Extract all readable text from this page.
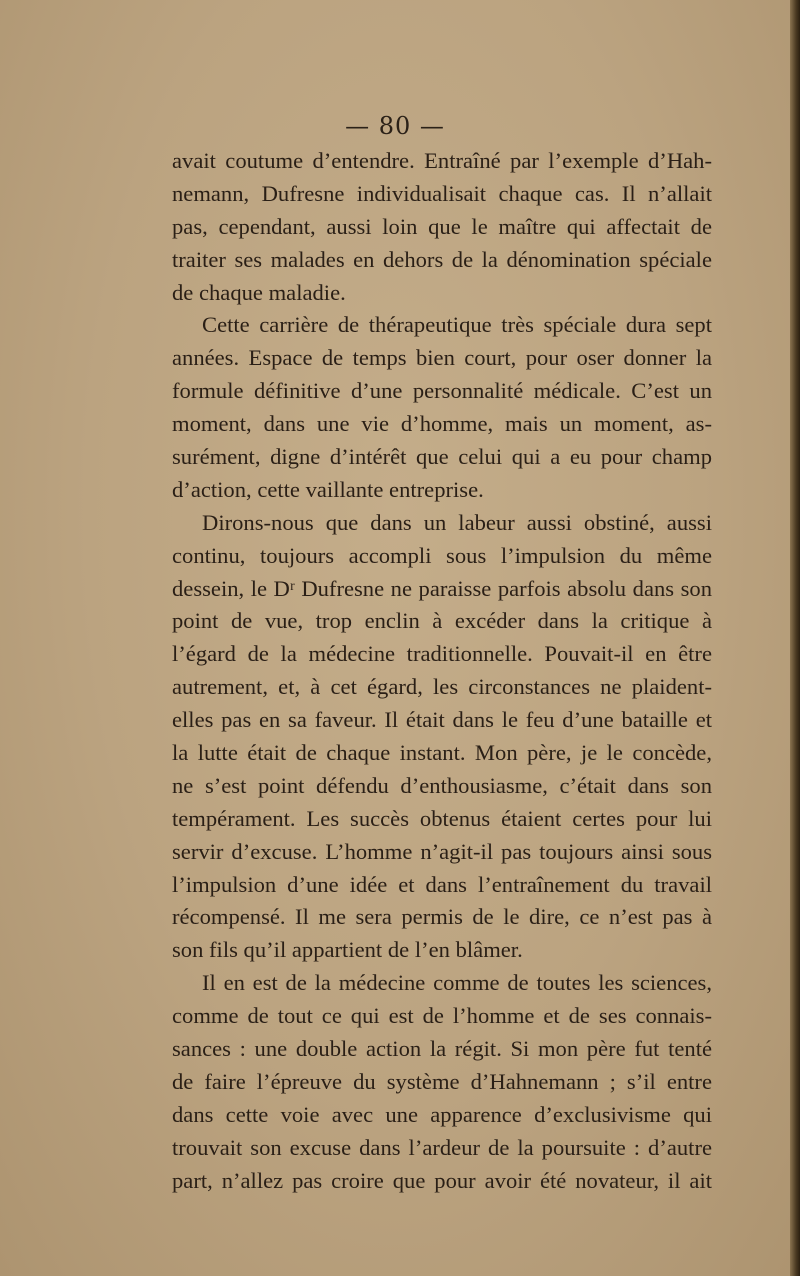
— 80 —
avait coutume d’entendre. Entraîné par l’exemple d’Hah-
nemann, Dufresne individualisait chaque cas. Il n’allait
pas, cependant, aussi loin que le maître qui affectait de
traiter ses malades en dehors de la dénomination spéciale
de chaque maladie.
Cette carrière de thérapeutique très spéciale dura sept
années. Espace de temps bien court, pour oser donner la
formule définitive d’une personnalité médicale. C’est un
moment, dans une vie d’homme, mais un moment, as-
surément, digne d’intérêt que celui qui a eu pour champ
d’action, cette vaillante entreprise.
Dirons-nous que dans un labeur aussi obstiné, aussi
continu, toujours accompli sous l’impulsion du même
dessein, le Dʳ Dufresne ne paraisse parfois absolu dans son
point de vue, trop enclin à excéder dans la critique à
l’égard de la médecine traditionnelle. Pouvait-il en être
autrement, et, à cet égard, les circonstances ne plaident-
elles pas en sa faveur. Il était dans le feu d’une bataille et
la lutte était de chaque instant. Mon père, je le concède,
ne s’est point défendu d’enthousiasme, c’était dans son
tempérament. Les succès obtenus étaient certes pour lui
servir d’excuse. L’homme n’agit-il pas toujours ainsi sous
l’impulsion d’une idée et dans l’entraînement du travail
récompensé. Il me sera permis de le dire, ce n’est pas à
son fils qu’il appartient de l’en blâmer.
Il en est de la médecine comme de toutes les sciences,
comme de tout ce qui est de l’homme et de ses connais-
sances : une double action la régit. Si mon père fut tenté
de faire l’épreuve du système d’Hahnemann ; s’il entre
dans cette voie avec une apparence d’exclusivisme qui
trouvait son excuse dans l’ardeur de la poursuite : d’autre
part, n’allez pas croire que pour avoir été novateur, il ait
